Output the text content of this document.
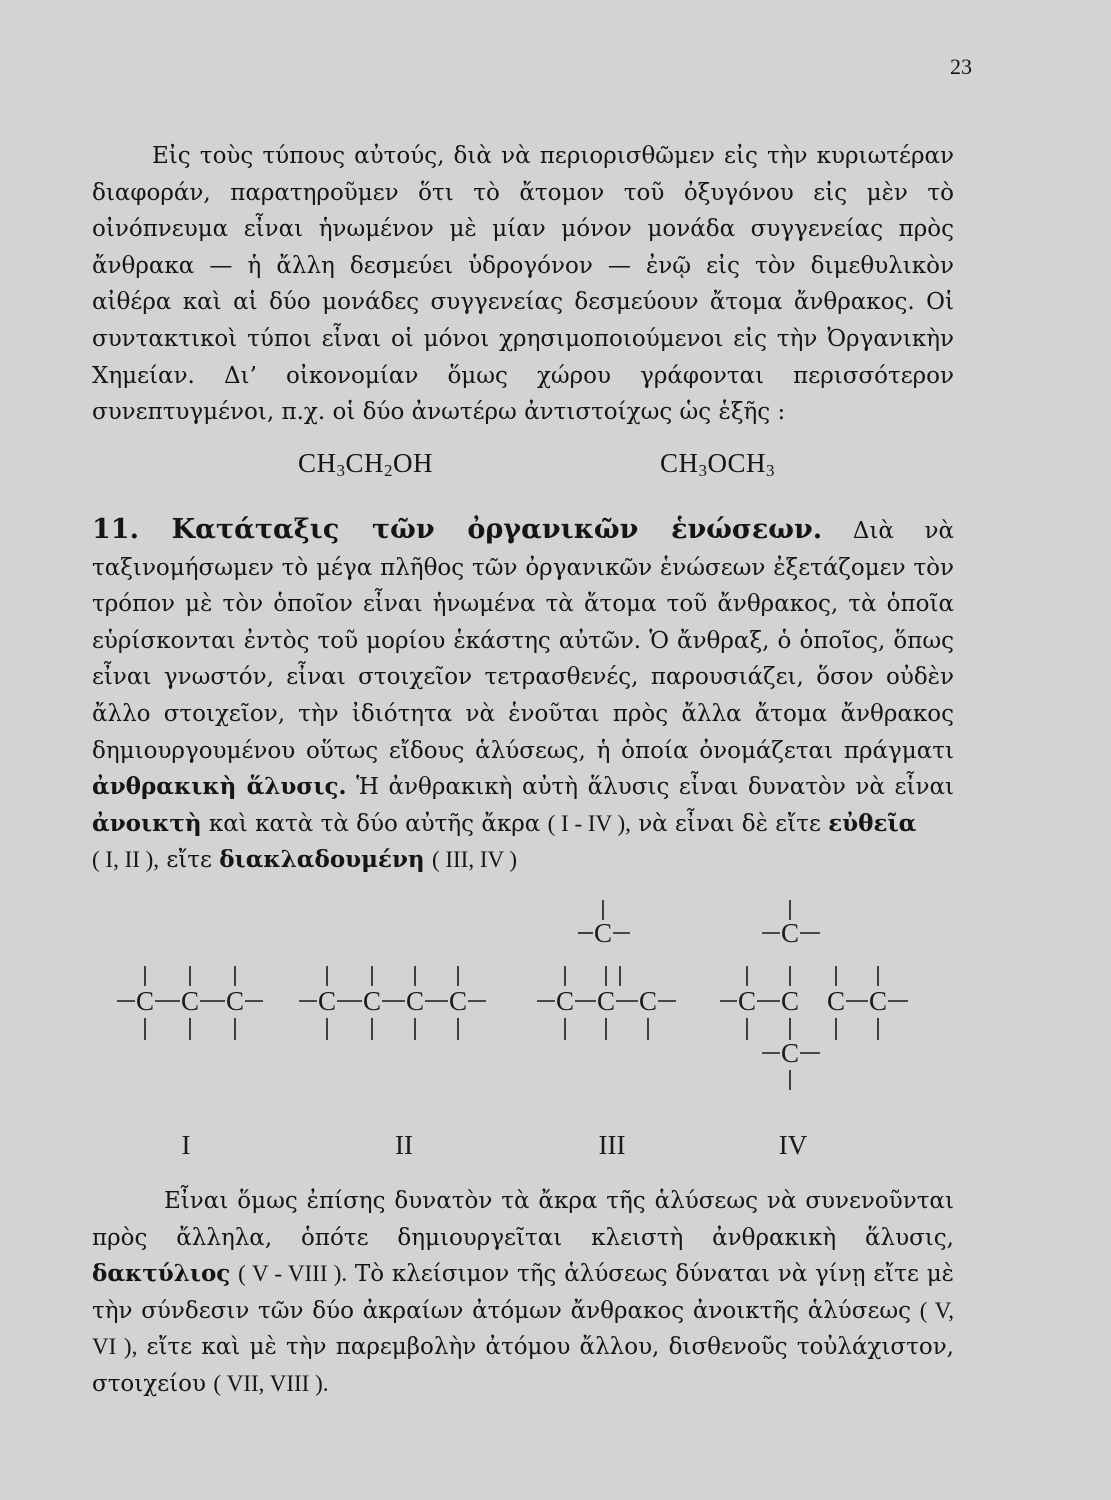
23

Εἰς τοὺς τύπους αὐτούς, διὰ νὰ περιορισθῶμεν εἰς τὴν κυριωτέραν διαφοράν, παρατηροῦμεν ὅτι τὸ ἄτομον τοῦ ὀξυγόνου εἰς μὲν τὸ οἰνόπνευμα εἶναι ἡνωμένον μὲ μίαν μόνον μονάδα συγγενείας πρὸς ἄνθρακα — ἡ ἄλλη δεσμεύει ὑδρογόνον — ἐνῷ εἰς τὸν διμεθυλικὸν αἰθέρα καὶ αἱ δύο μονάδες συγγενείας δεσμεύουν ἄτομα ἄνθρακος. Οἱ συντακτικοὶ τύποι εἶναι οἱ μόνοι χρησιμοποιούμενοι εἰς τὴν Ὀργανικὴν Χημείαν. Δι’ οἰκονομίαν ὅμως χώρου γράφονται περισσότερον συνεπτυγμένοι, π.χ. οἱ δύο ἀνωτέρω ἀντιστοίχως ὡς ἑξῆς :

$CH_3CH_2OH$	$CH_3OCH_3$

11. Κατάταξις τῶν ὀργανικῶν ἑνώσεων. Διὰ νὰ ταξινομήσωμεν τὸ μέγα πλῆθος τῶν ὀργανικῶν ἑνώσεων ἐξετάζομεν τὸν τρόπον μὲ τὸν ὁποῖον εἶναι ἡνωμένα τὰ ἄτομα τοῦ ἄνθρακος, τὰ ὁποῖα εὑρίσκονται ἐντὸς τοῦ μορίου ἑκάστης αὐτῶν. Ὁ ἄνθραξ, ὁ ὁποῖος, ὅπως εἶναι γνωστόν, εἶναι στοιχεῖον τετρασθενές, παρουσιάζει, ὅσον οὐδὲν ἄλλο στοιχεῖον, τὴν ἰδιότητα νὰ ἑνοῦται πρὸς ἄλλα ἄτομα ἄνθρακος δημιουργουμένου οὕτως εἴδους ἁλύσεως, ἡ ὁποία ὀνομάζεται πράγματι ἀνθρακικὴ ἅλυσις. Ἡ ἀνθρακικὴ αὐτὴ ἅλυσις εἶναι δυνατὸν νὰ εἶναι ἀνοικτὴ καὶ κατὰ τὰ δύο αὐτῆς ἄκρα ( I - IV ), νὰ εἶναι δὲ εἴτε εὐθεῖα
( I, II ), εἴτε διακλαδουμένη ( III, IV )

C C C	C C C C	C C C
C
C C C C
C
C
I	II	III	IV

Εἶναι ὅμως ἐπίσης δυνατὸν τὰ ἄκρα τῆς ἁλύσεως νὰ συνενοῦνται πρὸς ἄλληλα, ὁπότε δημιουργεῖται κλειστὴ ἀνθρακικὴ ἅλυσις, δακτύλιος ( V - VIII ). Τὸ κλείσιμον τῆς ἁλύσεως δύναται νὰ γίνῃ εἴτε μὲ τὴν σύνδεσιν τῶν δύο ἀκραίων ἀτόμων ἄνθρακος ἀνοικτῆς ἁλύσεως ( V, VI ), εἴτε καὶ μὲ τὴν παρεμβολὴν ἀτόμου ἄλλου, δισθενοῦς τοὐλάχιστον, στοιχείου ( VII, VIII ).
